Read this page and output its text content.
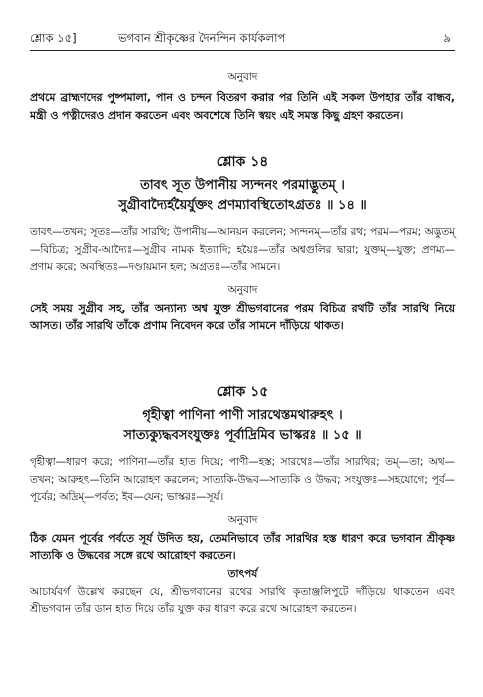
শ্লোক ১৫]	ভগবান শ্রীকৃষ্ণের দৈনন্দিন কার্যকলাপ	৯
অনুবাদ
প্রথমে ব্রাহ্মণদের পুষ্পমালা, পান ও চন্দন বিতরণ করার পর তিনি এই সকল উপহার তাঁর বান্ধব, মন্ত্রী ও পত্নীদেরও প্রদান করতেন এবং অবশেষে তিনি স্বয়ং এই সমস্ত কিছু গ্রহণ করতেন।
শ্লোক ১৪
তাবৎ সূত উপানীয় স্যন্দনং পরমাদ্ভুতম্ ।
সুগ্রীবাদ্যৈর্হয়ৈর্যুক্তং প্রণম্যাবস্থিতোঽগ্রতঃ ॥ ১৪ ॥
তাবৎ—তখন; সূতঃ—তাঁর সারথি; উপানীয়—আনয়ন করলেন; স্যন্দনম্—তাঁর রথ; পরম—পরম; অদ্ভুতম্—বিচিত্র; সুগ্রীব-আদ্যৈঃ—সুগ্রীব নামক ইত্যাদি; হয়ৈঃ—তাঁর অশ্বগুলির দ্বারা; যুক্তম্—যুক্ত; প্রণম্য—প্রণাম করে; অবস্থিতঃ—দণ্ডায়মান হল; অগ্রতঃ—তাঁর সামনে।
অনুবাদ
সেই সময় সুগ্রীব সহ, তাঁর অন্যান্য অশ্ব যুক্ত শ্রীভগবানের পরম বিচিত্র রথটি তাঁর সারথি নিয়ে আসত। তাঁর সারথি তাঁকে প্রণাম নিবেদন করে তাঁর সামনে দাঁড়িয়ে থাকত।
শ্লোক ১৫
গৃহীত্বা পাণিনা পাণী সারথেস্তমথারুহৎ ।
সাত্যক্যুদ্ধবসংযুক্তঃ পূর্বাদ্রিমিব ভাস্করঃ ॥ ১৫ ॥
গৃহীত্বা—ধারণ করে; পাণিনা—তাঁর হাত দিয়ে; পাণী—হস্ত; সারথেঃ—তাঁর সারথির; তম্—তা; অথ—তখন; আরুহৎ—তিনি আরোহণ করলেন; সাত্যকি-উদ্ধব—সাত্যকি ও উদ্ধব; সংযুক্তঃ—সহযোগে; পূর্ব—পূর্বের; অদ্রিম্—পর্বত; ইব—যেন; ভাস্করঃ—সূর্য।
অনুবাদ
ঠিক যেমন পূর্বের পর্বতে সূর্য উদিত হয়, তেমনিভাবে তাঁর সারথির হস্ত ধারণ করে ভগবান শ্রীকৃষ্ণ সাত্যকি ও উদ্ধবের সঙ্গে রথে আরোহণ করতেন।
তাৎপর্য
আচার্যবর্গ উল্লেখ করছেন যে, শ্রীভগবানের রথের সারথি কৃতাঞ্জলিপুটে দাঁড়িয়ে থাকতেন এবং শ্রীভগবান তাঁর ডান হাত দিয়ে তাঁর যুক্ত কর ধারণ করে রথে আরোহণ করতেন।
